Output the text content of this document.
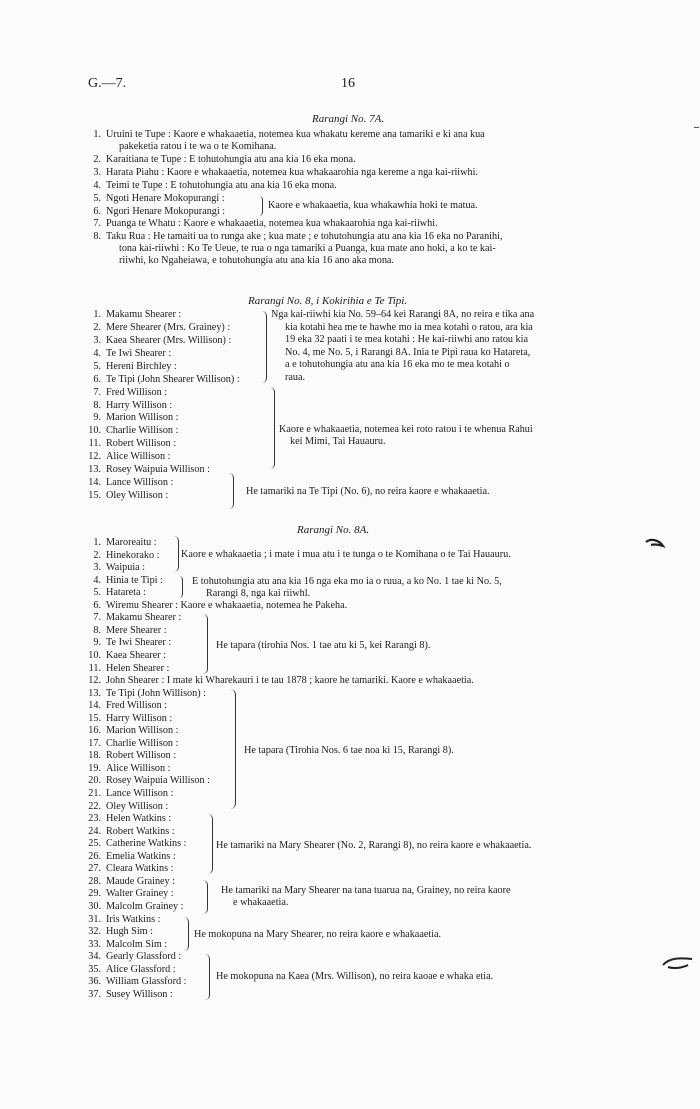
G.—7.	16
Rarangi No. 7A.
1. Uruini te Tupe : Kaore e whakaaetia, notemea kua whakatu kereme ana tamariki e ki ana kua
pakeketia ratou i te wa o te Komihana.
2. Karaitiana te Tupe : E tohutohungia atu ana kia 16 eka mona.
3. Harata Piahu : Kaore e whakaaetia, notemea kua whakaarohia nga kereme a nga kai-riiwhi.
4. Teimi te Tupe : E tohutohungia atu ana kia 16 eka mona.
5. Ngoti Henare Mokopurangi :
6. Ngori Henare Mokopurangi :
7. Puanga te Whatu : Kaore e whakaaetia, notemea kua whakaarohia nga kai-riiwhi.
8. Taku Rua : He tamaiti ua to runga ake ; kua mate ; e tohutohungia atu ana kia 16 eka no Paranihi,
tona kai-riiwhi : Ko Te Ueue, te rua o nga tamariki a Puanga, kua mate ano hoki, a ko te kai-
riiwhi, ko Ngaheiawa, e tohutohungia atu ana kia 16 ano aka mona.
Kaore e whakaaetia, kua whakawhia hoki te matua.
Rarangi No. 8, i Kokirihia e Te Tipi.
1. Makamu Shearer :
2. Mere Shearer (Mrs. Grainey) :
3. Kaea Shearer (Mrs. Willison) :
4. Te Iwi Shearer :
5. Hereni Birchley :
6. Te Tipi (John Shearer Willison) :
7. Fred Willison :
8. Harry Willison :
9. Marion Willison :
10. Charlie Willison :
11. Robert Willison :
12. Alice Willison :
13. Rosey Waipuia Willison :
14. Lance Willison :
15. Oley Willison :
Nga kai-riiwhi kia No. 59–64 kei Rarangi 8A, no reira e tika ana
kia kotahi hea me te hawhe mo ia mea kotahi o ratou, ara kia
19 eka 32 paati i te mea kotahi : He kai-riiwhi ano ratou kia
No. 4, me No. 5, i Rarangi 8A. Inia te Pipi raua ko Hatareta,
a e tohutohungia atu ana kia 16 eka mo te mea kotahi o
raua.
Kaore e whakaaetia, notemea kei roto ratou i te whenua Rahui
kei Mimi, Tai Hauauru.
He tamariki na Te Tipi (No. 6), no reira kaore e whakaaetia.
Rarangi No. 8A.
1. Maroreaitu :
2. Hinekorako :
3. Waipuia :
4. Hinia te Tipi :
5. Hatareta :
6. Wiremu Shearer : Kaore e whakaaetia, notemea he Pakeha.
7. Makamu Shearer :
8. Mere Shearer :
9. Te Iwi Shearer :
10. Kaea Shearer :
11. Helen Shearer :
12. John Shearer : I mate ki Wharekauri i te tau 1878 ; kaore he tamariki. Kaore e whakaaetia.
13. Te Tipi (John Willison) :
14. Fred Willison :
15. Harry Willison :
16. Marion Willison :
17. Charlie Willison :
18. Robert Willison :
19. Alice Willison :
20. Rosey Waipuia Willison :
21. Lance Willison :
22. Oley Willison :
23. Helen Watkins :
24. Robert Watkins :
25. Catherine Watkins :
26. Emelia Watkins :
27. Cleara Watkins :
28. Maude Grainey :
29. Walter Grainey :
30. Malcolm Grainey :
31. Iris Watkins :
32. Hugh Sim :
33. Malcolm Sim :
34. Gearly Glassford :
35. Alice Glassford :
36. William Glassford :
37. Susey Willison :
Kaore e whakaaetia ; i mate i mua atu i te tunga o te Komihana o te Tai Hauauru.
E tohutohungia atu ana kia 16 nga eka mo ia o ruua, a ko No. 1 tae ki No. 5,
Rarangi 8, nga kai riiwhl.
He tapara (tirohia Nos. 1 tae atu ki 5, kei Rarangi 8).
He tapara (Tirohia Nos. 6 tae noa ki 15, Rarangi 8).
He tamariki na Mary Shearer (No. 2, Rarangi 8), no reira kaore e whakaaetia.
He tamariki na Mary Shearer na tana tuarua na, Grainey, no reira kaore
e whakaaetia.
He mokopuna na Mary Shearer, no reira kaore e whakaaetia.
He mokopuna na Kaea (Mrs. Willison), no reira kaoae e whaka etia.
